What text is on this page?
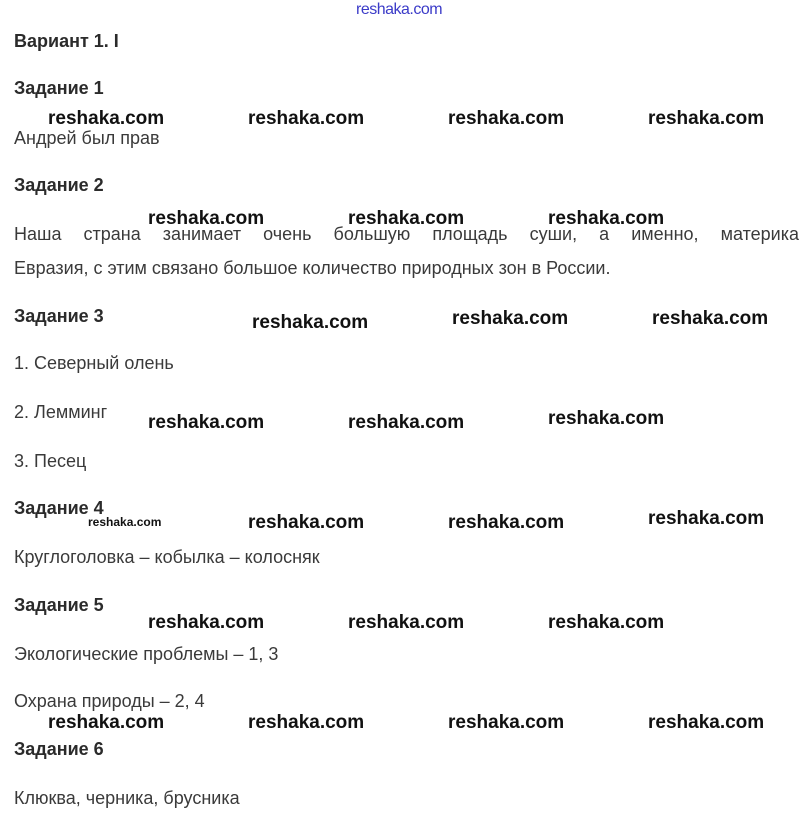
reshaka.com
Вариант 1. I
Задание 1
Андрей был прав
Задание 2
Наша страна занимает очень большую площадь суши, а именно, материка
Евразия, с этим связано большое количество природных зон в России.
Задание 3
1. Северный олень
2. Лемминг
3. Песец
Задание 4
Круглоголовка – кобылка – колосняк
Задание 5
Экологические проблемы – 1, 3
Охрана природы – 2, 4
Задание 6
Клюква, черника, брусника
reshaka.com	reshaka.com	reshaka.com	reshaka.com
reshaka.com	reshaka.com	reshaka.com
reshaka.com	reshaka.com	reshaka.com
reshaka.com	reshaka.com	reshaka.com
reshaka.com	reshaka.com	reshaka.com	reshaka.com
reshaka.com	reshaka.com	reshaka.com
reshaka.com	reshaka.com	reshaka.com	reshaka.com
